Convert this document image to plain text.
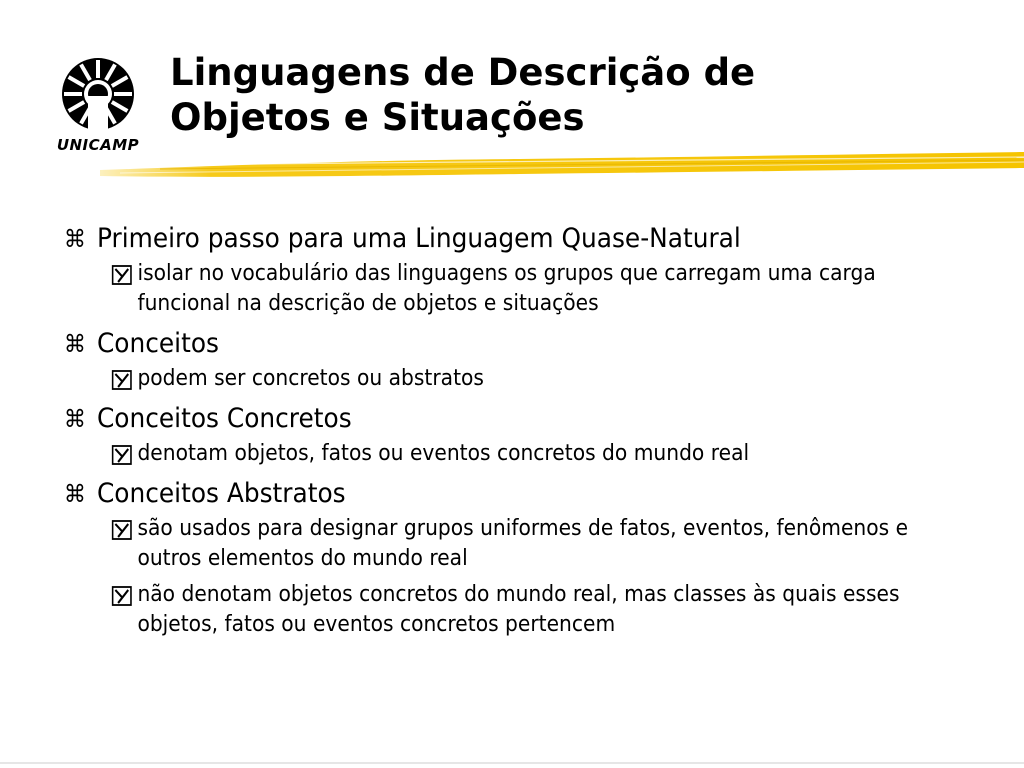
UNICAMP
Linguagens de Descrição de
Objetos e Situações
⌘ Primeiro passo para uma Linguagem Quase-Natural
isolar no vocabulário das linguagens os grupos que carregam uma carga funcional na descrição de objetos e situações
⌘ Conceitos
podem ser concretos ou abstratos
⌘ Conceitos Concretos
denotam objetos, fatos ou eventos concretos do mundo real
⌘ Conceitos Abstratos
são usados para designar grupos uniformes de fatos, eventos, fenômenos e outros elementos do mundo real
não denotam objetos concretos do mundo real, mas classes às quais esses objetos, fatos ou eventos concretos pertencem
